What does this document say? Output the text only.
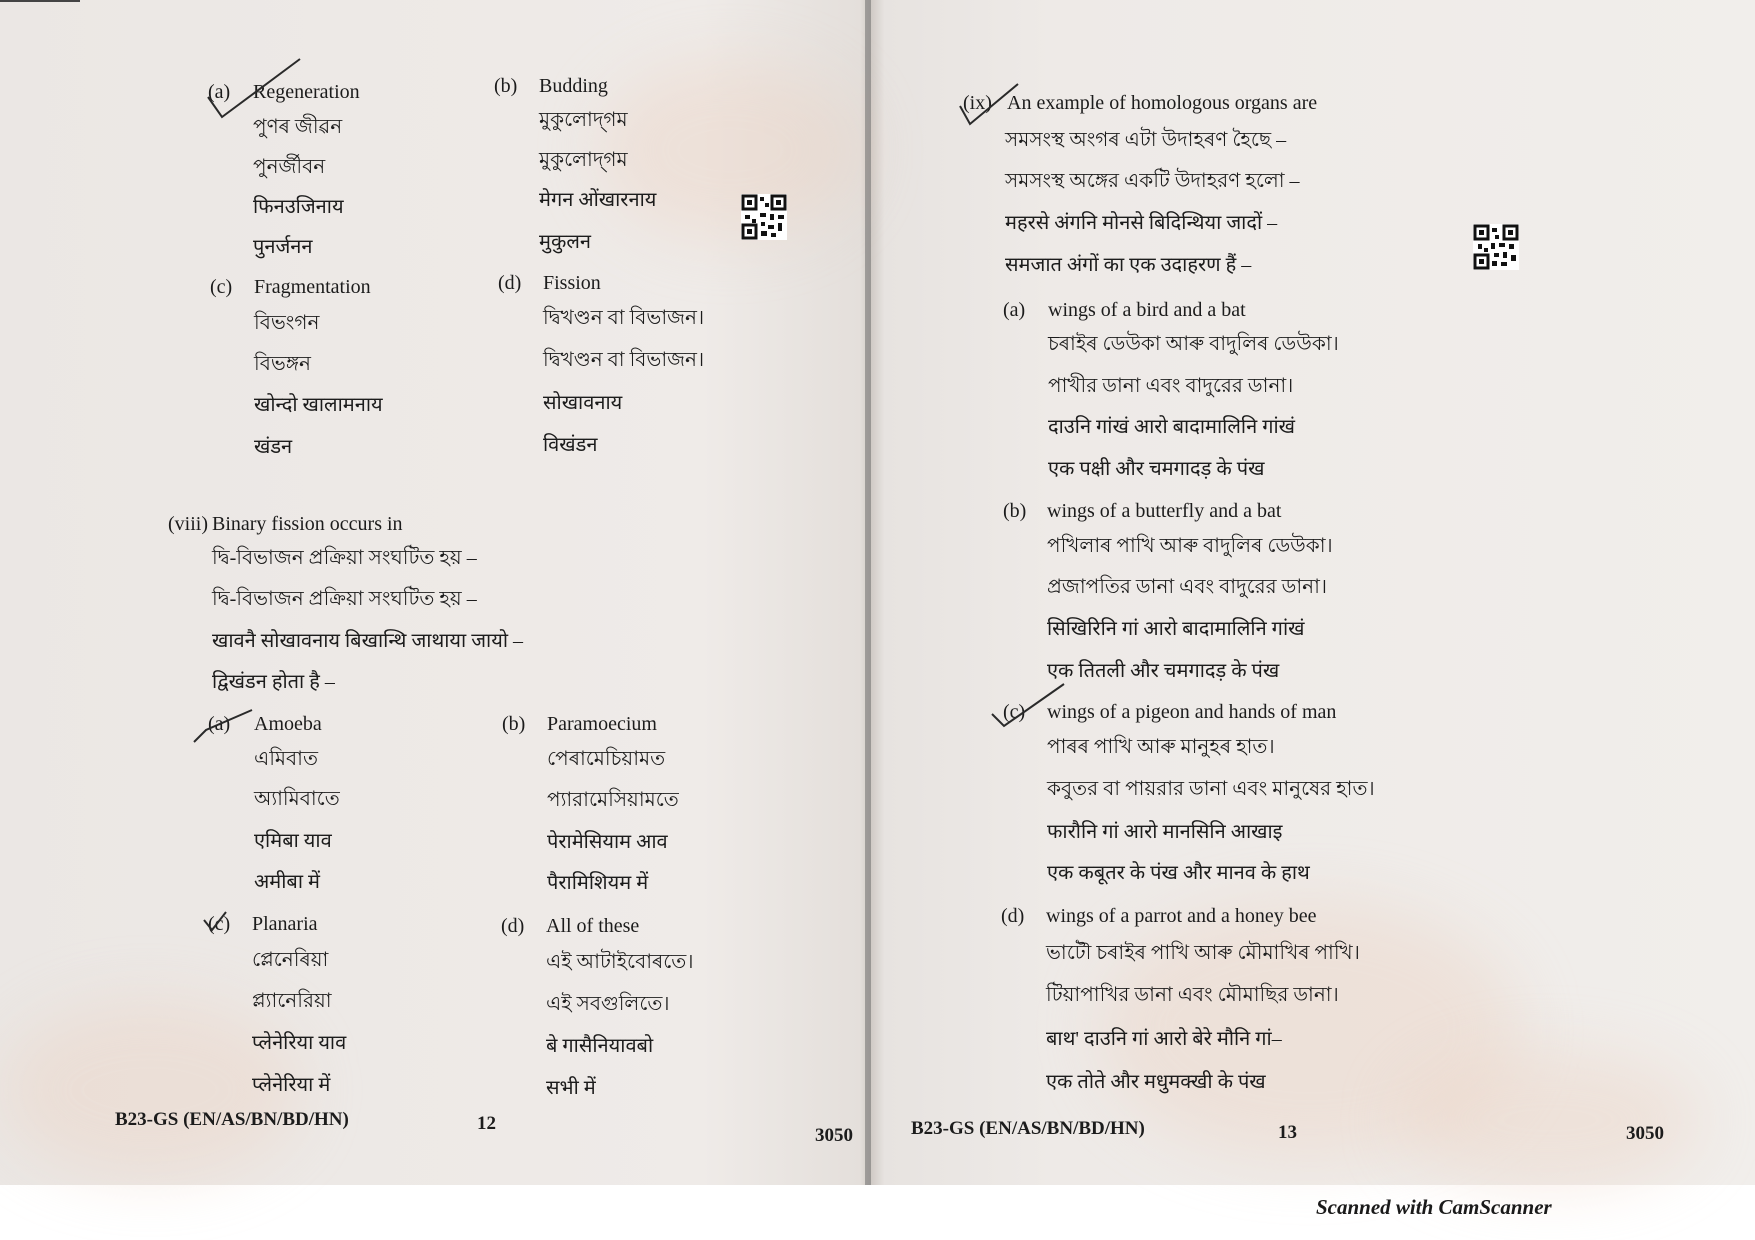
(a) Regeneration
পুণৰ জীৱন
পুনর্জীবন
फिनउजिनाय
पुनर्जनन
(b) Budding
মুকুলোদ্‌গম
মুকুলোদ্‌গম
मेगन ओंखारनाय
मुकुलन
(c) Fragmentation
বিভংগন
বিভঙ্গন
खोन्दो खालामनाय
खंडन
(d) Fission
দ্বিখণ্ডন বা বিভাজন।
দ্বিখণ্ডন বা বিভাজন।
सोखावनाय
विखंडन
(viii) Binary fission occurs in
দ্বি-বিভাজন প্ৰক্ৰিয়া সংঘটিত হয় –
দ্বি-বিভাজন প্রক্রিয়া সংঘটিত হয় –
खावनै सोखावनाय बिखान्थि जाथाया जायो –
द्विखंडन होता है –
(a) Amoeba
এমিবাত
অ্যামিবাতে
एमिबा याव
अमीबा में
(b) Paramoecium
পেৰামেচিয়ামত
প্যারামেসিয়ামতে
पेरामेसियाम आव
पैरामिशियम में
(c) Planaria
প্লেনেৰিয়া
প্ল্যানেরিয়া
प्लेनेरिया याव
प्लेनेरिया में
(d) All of these
এই আটাইবোৰতে।
এই সবগুলিতে।
बे गासैनियावबो
सभी में
B23-GS (EN/AS/BN/BD/HN)	12
3050
(ix) An example of homologous organs are
সমসংস্থ অংগৰ এটা উদাহৰণ হৈছে –
সমসংস্থ অঙ্গের একটি উদাহরণ হলো –
महरसे अंगनि मोनसे बिदिन्थिया जादों –
समजात अंगों का एक उदाहरण हैं –
(a) wings of a bird and a bat
চৰাইৰ ডেউকা আৰু বাদুলিৰ ডেউকা।
পাখীর ডানা এবং বাদুরের ডানা।
दाउनि गांखं आरो बादामालिनि गांखं
एक पक्षी और चमगादड़ के पंख
(b) wings of a butterfly and a bat
পখিলাৰ পাখি আৰু বাদুলিৰ ডেউকা।
প্রজাপতির ডানা এবং বাদুরের ডানা।
सिखिरिनि गां आरो बादामालिनि गांखं
एक तितली और चमगादड़ के पंख
(c) wings of a pigeon and hands of man
পাৰৰ পাখি আৰু মানুহৰ হাত।
কবুতর বা পায়রার ডানা এবং মানুষের হাত।
फारौनि गां आरो मानसिनि आखाइ
एक कबूतर के पंख और मानव के हाथ
(d) wings of a parrot and a honey bee
ভাটৌ চৰাইৰ পাখি আৰু মৌমাখিৰ পাখি।
টিয়াপাখির ডানা এবং মৌমাছির ডানা।
बाथ' दाउनि गां आरो बेरे मौनि गां–
एक तोते और मधुमक्खी के पंख
B23-GS (EN/AS/BN/BD/HN)	13	3050
Scanned with CamScanner
